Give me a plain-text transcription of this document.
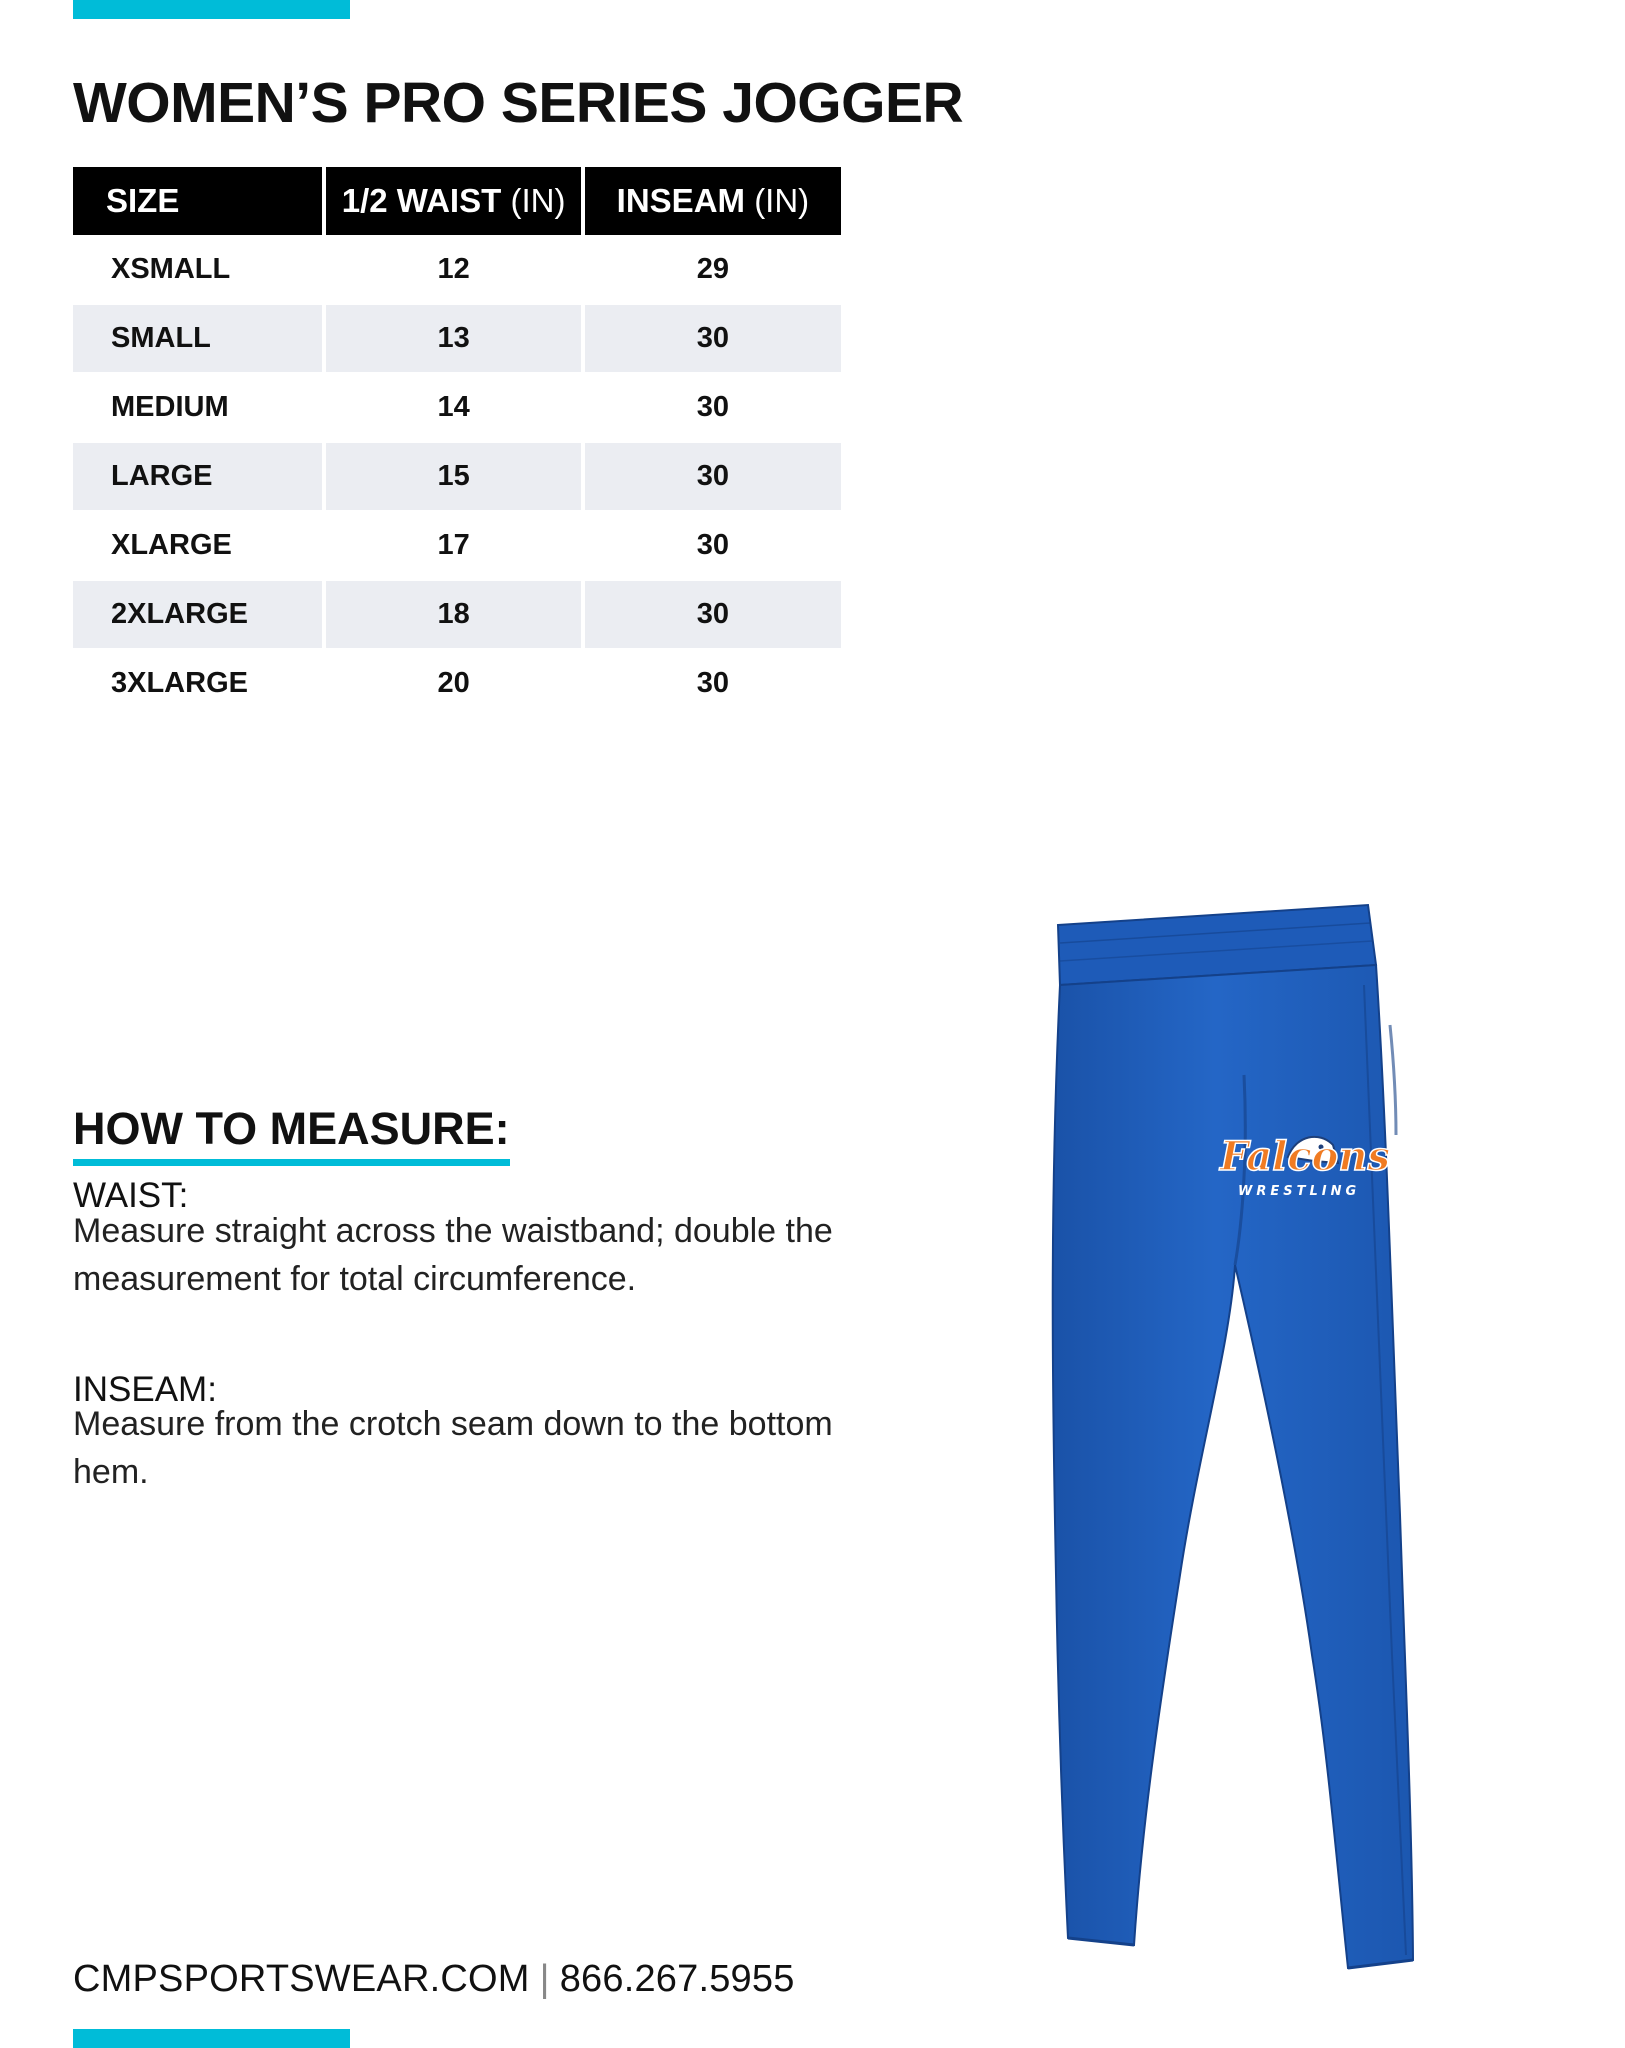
WOMEN’S PRO SERIES JOGGER
SIZE	1/2 WAIST (IN)	INSEAM (IN)
XSMALL	12	29
SMALL	13	30
MEDIUM	14	30
LARGE	15	30
XLARGE	17	30
2XLARGE	18	30
3XLARGE	20	30
HOW TO MEASURE:

WAIST:

Measure straight across the waistband; double the measurement for total circumference.

INSEAM:

Measure from the crotch seam down to the bottom hem.

Falcons
WRESTLING
CMPSPORTSWEAR.COM | 866.267.5955
